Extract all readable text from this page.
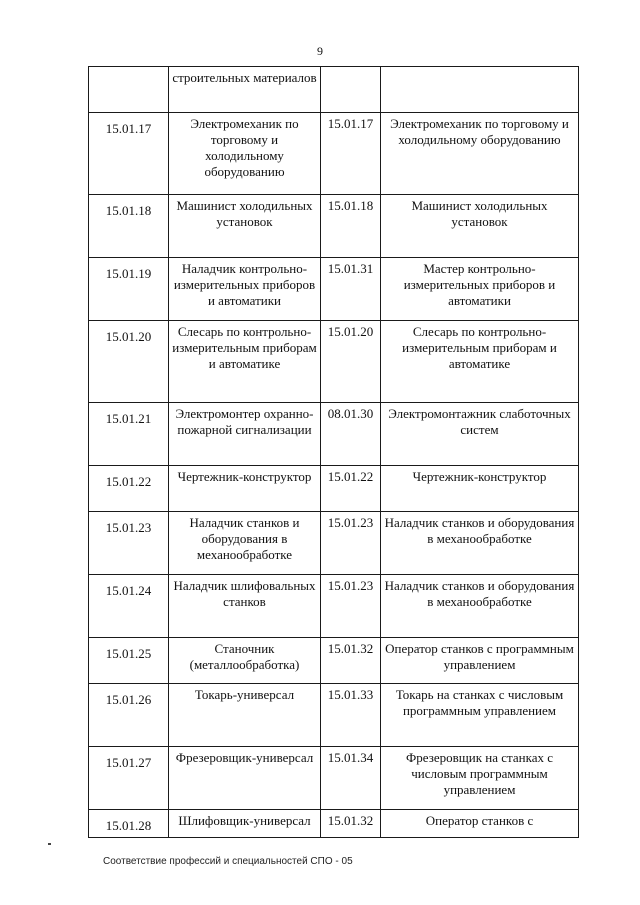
9
	строительных материалов		
15.01.17	Электромеханик по торговому и холодильному оборудованию	15.01.17	Электромеханик по торговому и холодильному оборудованию
15.01.18	Машинист холодильных установок	15.01.18	Машинист холодильных установок
15.01.19	Наладчик контрольно-измерительных приборов и автоматики	15.01.31	Мастер контрольно-измерительных приборов и автоматики
15.01.20	Слесарь по контрольно-измерительным приборам и автоматике	15.01.20	Слесарь по контрольно-измерительным приборам и автоматике
15.01.21	Электромонтер охранно-пожарной сигнализации	08.01.30	Электромонтажник слаботочных систем
15.01.22	Чертежник-конструктор	15.01.22	Чертежник-конструктор
15.01.23	Наладчик станков и оборудования в механообработке	15.01.23	Наладчик станков и оборудования в механообработке
15.01.24	Наладчик шлифовальных станков	15.01.23	Наладчик станков и оборудования в механообработке
15.01.25	Станочник (металлообработка)	15.01.32	Оператор станков с программным управлением
15.01.26	Токарь-универсал	15.01.33	Токарь на станках с числовым программным управлением
15.01.27	Фрезеровщик-универсал	15.01.34	Фрезеровщик на станках с числовым программным управлением
15.01.28	Шлифовщик-универсал	15.01.32	Оператор станков с
Соответствие профессий и специальностей СПО - 05
